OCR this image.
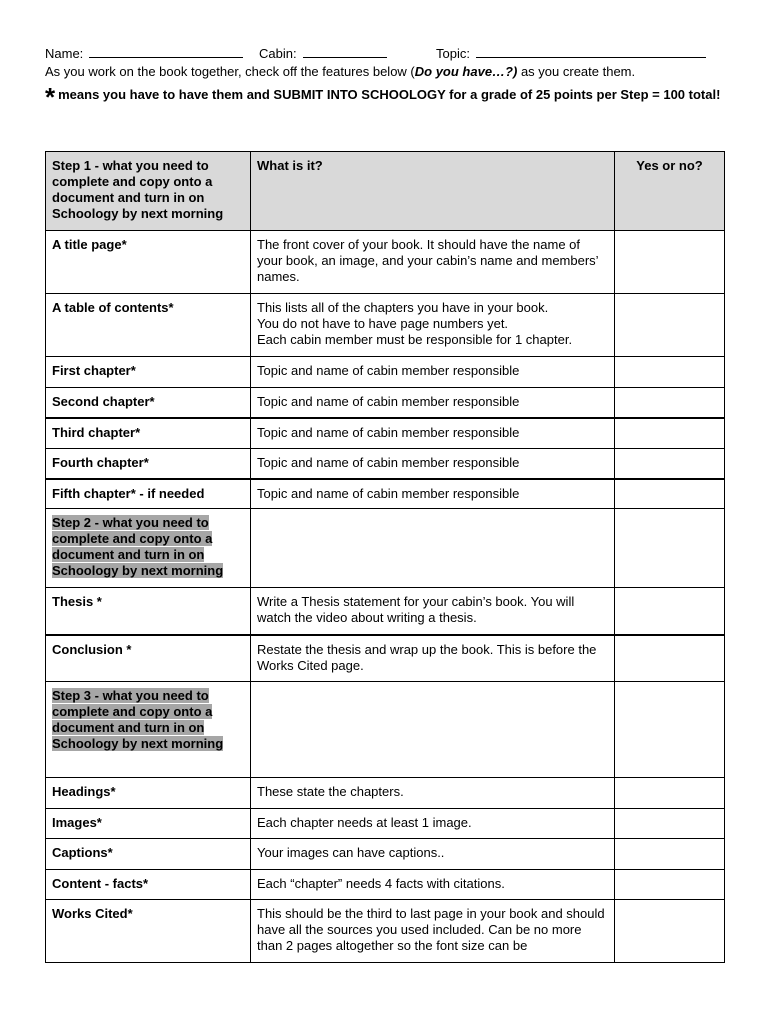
Name:	Cabin:	Topic:
As you work on the book together, check off the features below (Do you have…?) as you create them.
* means you have to have them and SUBMIT INTO SCHOOLOGY for a grade of 25 points per Step = 100 total!
Step 1 - what you need to complete and copy onto a document and turn in on Schoology by next morning	What is it?	Yes or no?
A title page*	The front cover of your book. It should have the name of your book, an image, and your cabin’s name and members’ names.	
A table of contents*	This lists all of the chapters you have in your book.
You do not have to have page numbers yet.
Each cabin member must be responsible for 1 chapter.	

First chapter*	Topic and name of cabin member responsible	
Second chapter*	Topic and name of cabin member responsible	
Third chapter*	Topic and name of cabin member responsible	
Fourth chapter*	Topic and name of cabin member responsible	
Fifth chapter* - if needed	Topic and name of cabin member responsible	
Step 2 - what you need to complete and copy onto a document and turn in on Schoology by next morning		
Thesis *	Write a Thesis statement for your cabin’s book. You will watch the video about writing a thesis.	
Conclusion *	Restate the thesis and wrap up the book. This is before the Works Cited page.	
Step 3 - what you need to complete and copy onto a document and turn in on Schoology by next morning		
Headings*	These state the chapters.	
Images*	Each chapter needs at least 1 image.	
Captions*	Your images can have captions..	
Content - facts*	Each “chapter” needs 4 facts with citations.	
Works Cited*	This should be the third to last page in your book and should have all the sources you used included. Can be no more than 2 pages altogether so the font size can be	
